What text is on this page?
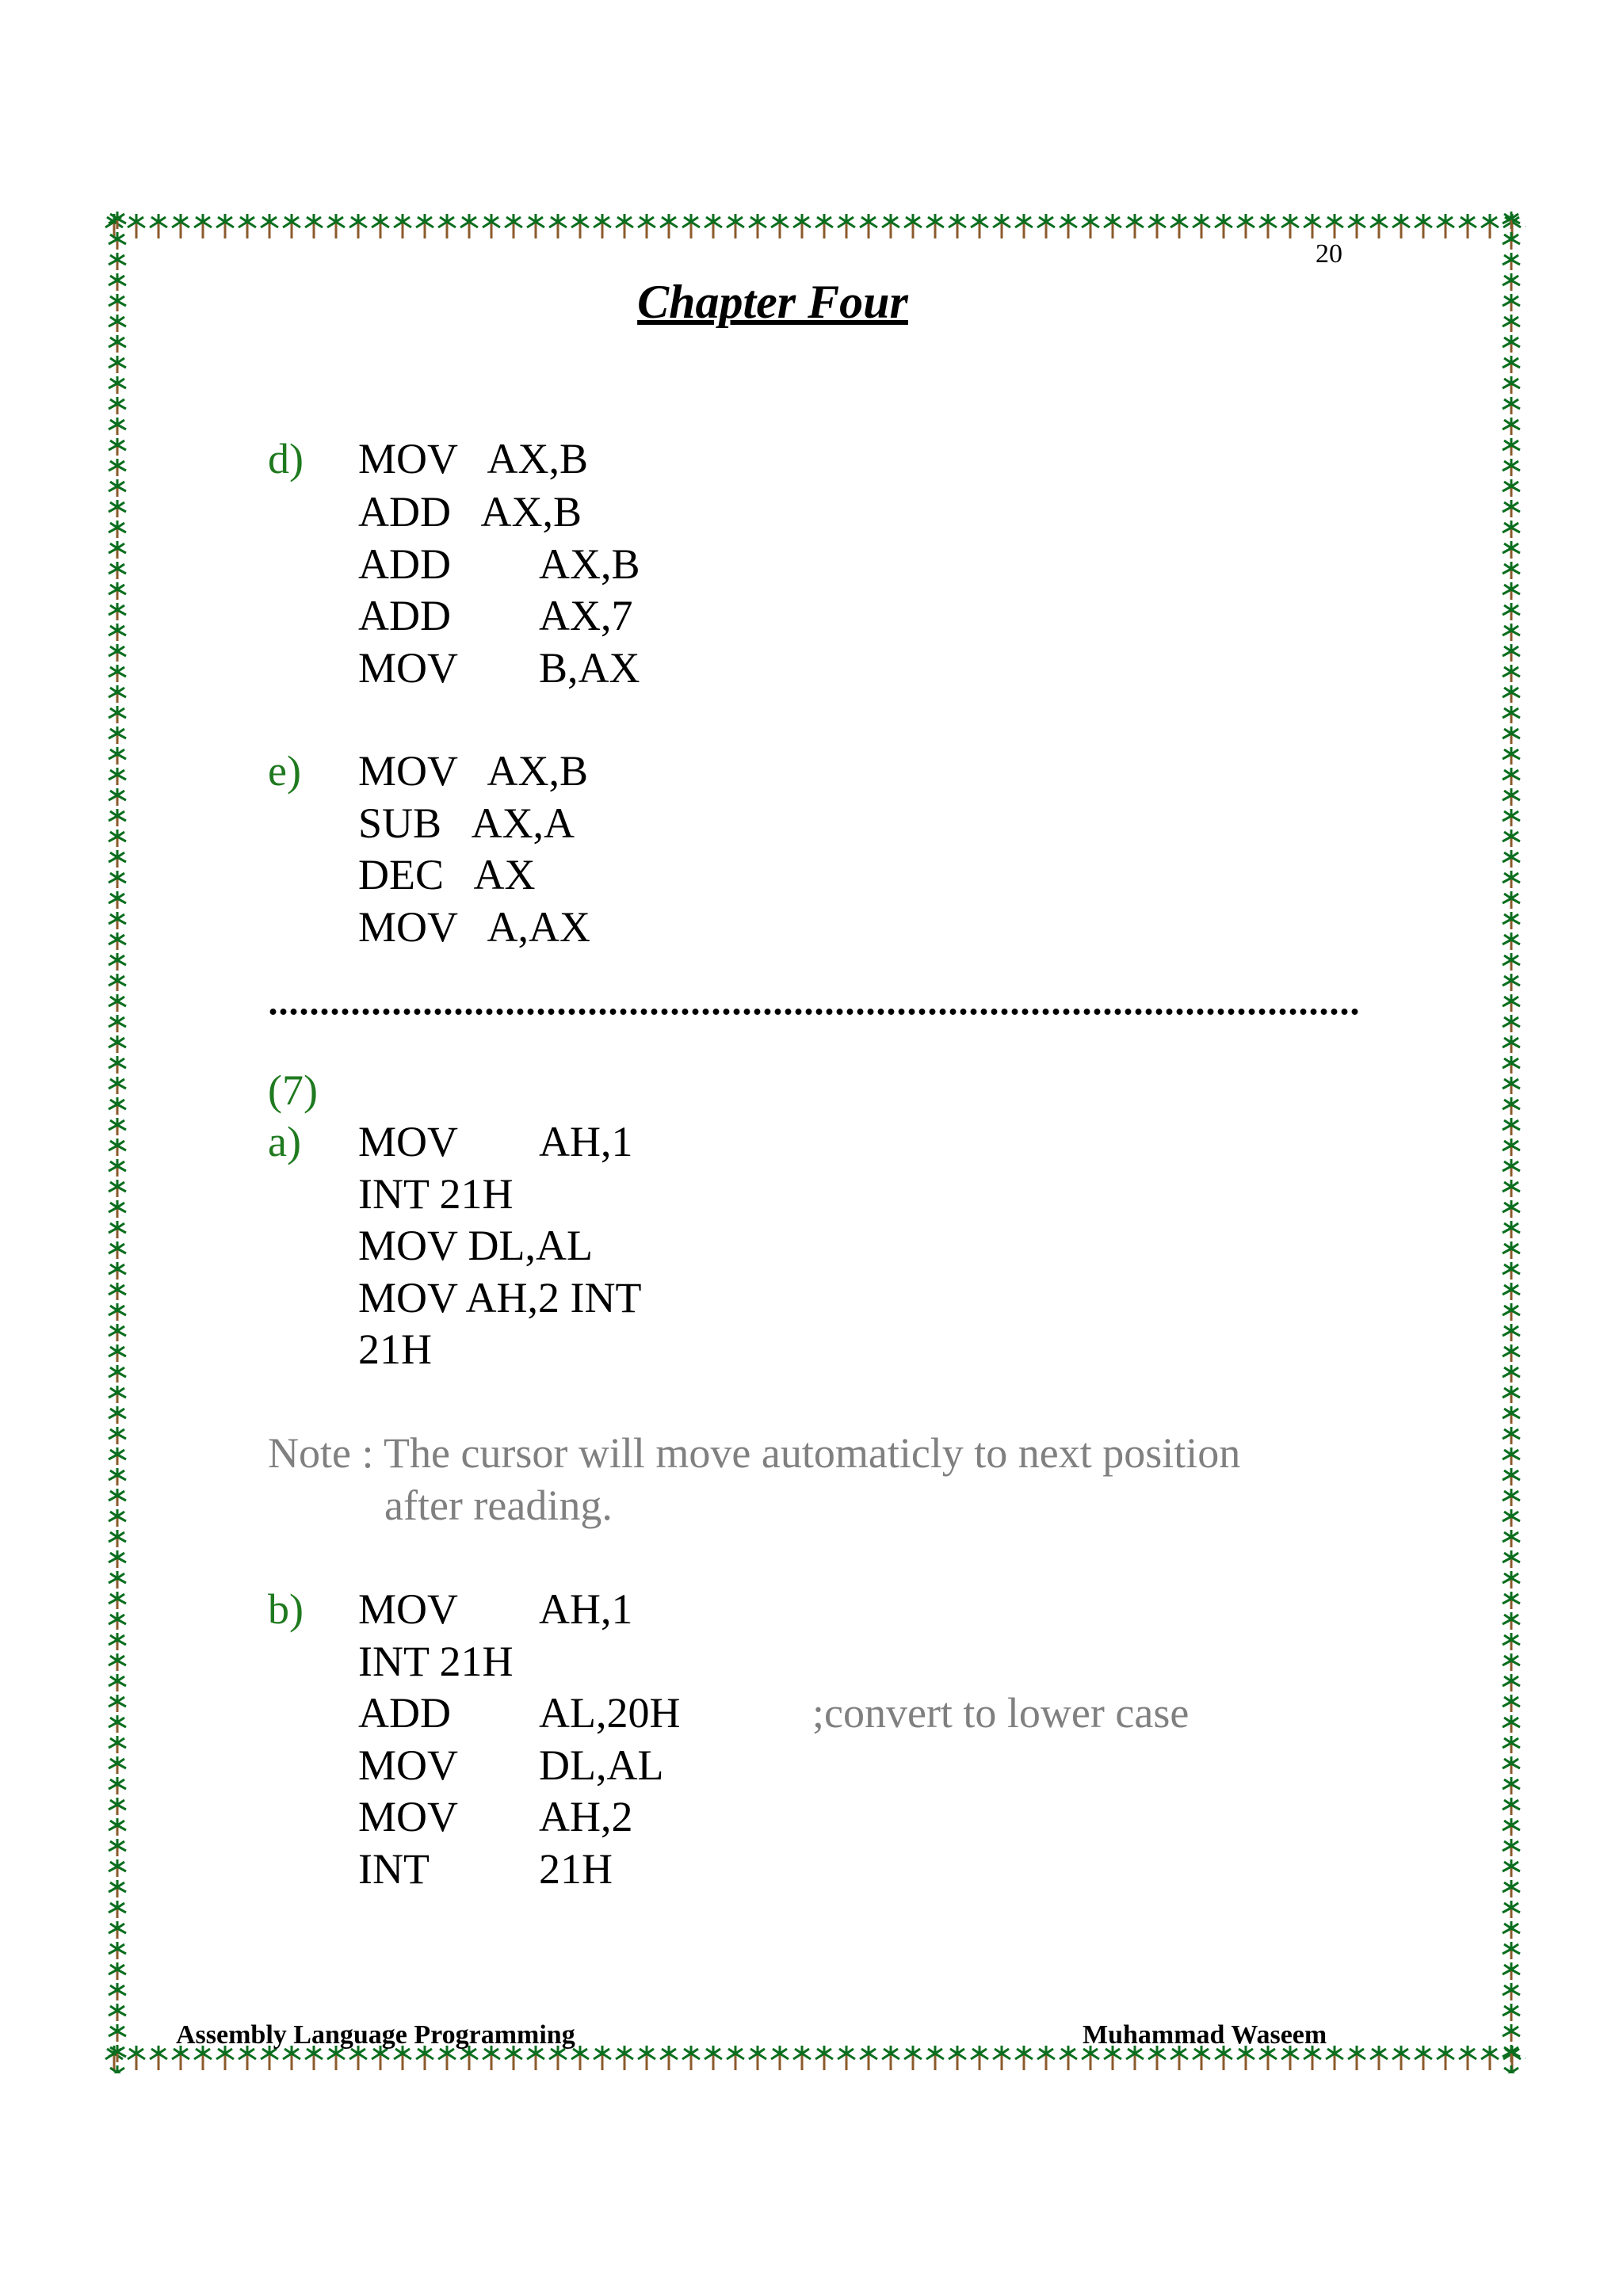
20
Chapter Four
d) MOV   AX,B
ADD   AX,B
ADD AX,B
ADD AX,7
MOV B,AX
e) MOV   AX,B
SUB   AX,A
DEC   AX
MOV   A,AX
(7)
a) MOV AH,1
INT 21H
MOV DL,AL
MOV AH,2 INT
21H
Note : The cursor will move automaticly to next position
after reading.
b) MOV AH,1
INT 21H
ADD AL,20H	;convert to lower case
MOV DL,AL
MOV AH,2
INT	21H
Assembly Language Programming	Muhammad Waseem
